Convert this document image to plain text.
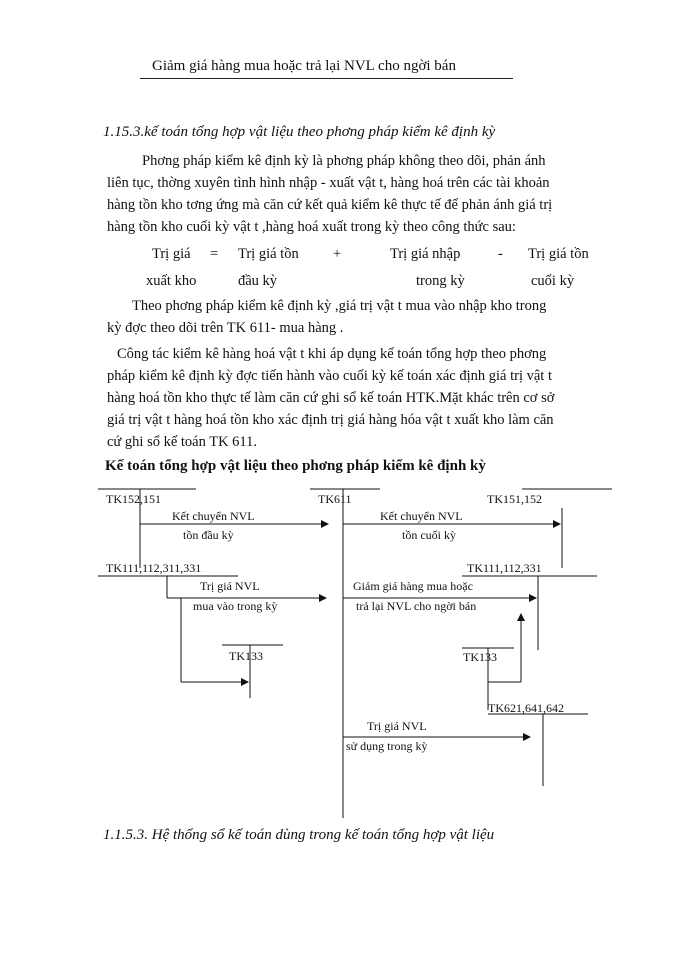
Giảm giá hàng mua hoặc trả lại NVL cho ngời bán
1.15.3.kế toán tổng hợp vật liệu theo phơng pháp kiểm kê định kỳ
Phơng pháp kiểm kê định kỳ là phơng pháp không theo dõi, phản ánh
liên tục, thờng xuyên tình hình nhập - xuất vật t, hàng hoá trên các tài khoản
hàng tồn kho tơng ứng mà căn cứ kết quả kiểm kê thực tế để phản ánh giá trị
hàng tồn kho cuối kỳ vật t ,hàng hoá xuất trong kỳ theo công thức sau:
Trị giá = Trị giá tồn +	Trị giá nhập	- Trị giá tồn
xuất kho	đầu kỳ	trong kỳ	cuối kỳ
Theo phơng pháp kiểm kê định kỳ ,giá trị vật t mua vào nhập kho trong
kỳ đợc theo dõi trên TK 611- mua hàng .
Công tác kiểm kê hàng hoá vật t khi áp dụng kế toán tổng hợp theo phơng
pháp kiểm kê định kỳ đợc tiến hành vào cuối kỳ kế toán xác định giá trị vật t
hàng hoá tồn kho thực tế làm căn cứ ghi sổ kế toán HTK.Mặt khác trên cơ sở
giá trị vật t hàng hoá tồn kho xác định trị giá hàng hóa vật t xuất kho làm căn
cứ ghi sổ kế toán TK 611.
Kế toán tổng hợp vật liệu theo phơng pháp kiểm kê định kỳ
TK152,151	TK611	TK151,152
Kết chuyển NVL
tồn đầu kỳ
Kết chuyển NVL
tồn cuối kỳ
TK111,112,311,331	TK111,112,331
Trị giá NVL
mua vào trong kỳ
Giảm giá hàng mua hoặc
trả lại NVL cho ngời bán
TK133	TK133
TK621,641,642
Trị giá NVL
sử dụng trong kỳ
1.1.5.3. Hệ thống sổ kế toán dùng trong kế toán tổng hợp vật liệu
